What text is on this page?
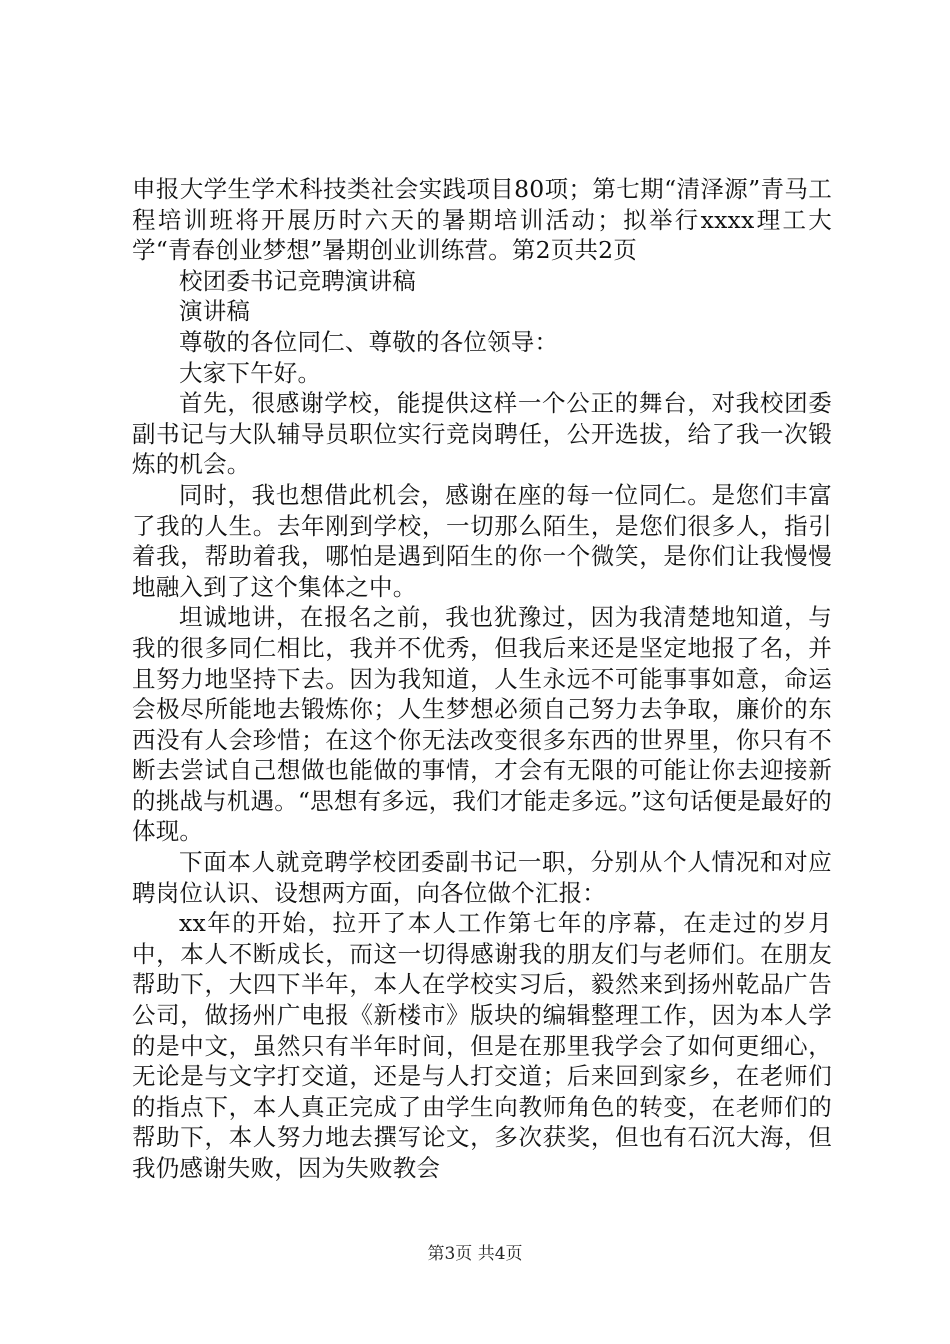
申报大学生学术科技类社会实践项目80项；第七期“清泽源”青马工程培训班将开展历时六天的暑期培训活动；拟举行xxxx理工大学“青春创业梦想”暑期创业训练营。第2页共2页

校团委书记竞聘演讲稿

演讲稿

尊敬的各位同仁、尊敬的各位领导：

大家下午好。

首先，很感谢学校，能提供这样一个公正的舞台，对我校团委副书记与大队辅导员职位实行竞岗聘任，公开选拔，给了我一次锻炼的机会。

同时，我也想借此机会，感谢在座的每一位同仁。是您们丰富了我的人生。去年刚到学校，一切那么陌生，是您们很多人，指引着我，帮助着我，哪怕是遇到陌生的你一个微笑，是你们让我慢慢地融入到了这个集体之中。

坦诚地讲，在报名之前，我也犹豫过，因为我清楚地知道，与我的很多同仁相比，我并不优秀，但我后来还是坚定地报了名，并且努力地坚持下去。因为我知道，人生永远不可能事事如意，命运会极尽所能地去锻炼你；人生梦想必须自己努力去争取，廉价的东西没有人会珍惜；在这个你无法改变很多东西的世界里，你只有不断去尝试自己想做也能做的事情，才会有无限的可能让你去迎接新的挑战与机遇。“思想有多远，我们才能走多远。”这句话便是最好的体现。

下面本人就竞聘学校团委副书记一职，分别从个人情况和对应聘岗位认识、设想两方面，向各位做个汇报：

xx年的开始，拉开了本人工作第七年的序幕，在走过的岁月中，本人不断成长，而这一切得感谢我的朋友们与老师们。在朋友帮助下，大四下半年，本人在学校实习后，毅然来到扬州乾品广告公司，做扬州广电报《新楼市》版块的编辑整理工作，因为本人学的是中文，虽然只有半年时间，但是在那里我学会了如何更细心，无论是与文字打交道，还是与人打交道；后来回到家乡，在老师们的指点下，本人真正完成了由学生向教师角色的转变，在老师们的帮助下，本人努力地去撰写论文，多次获奖，但也有石沉大海，但我仍感谢失败，因为失败教会

第3页 共4页
